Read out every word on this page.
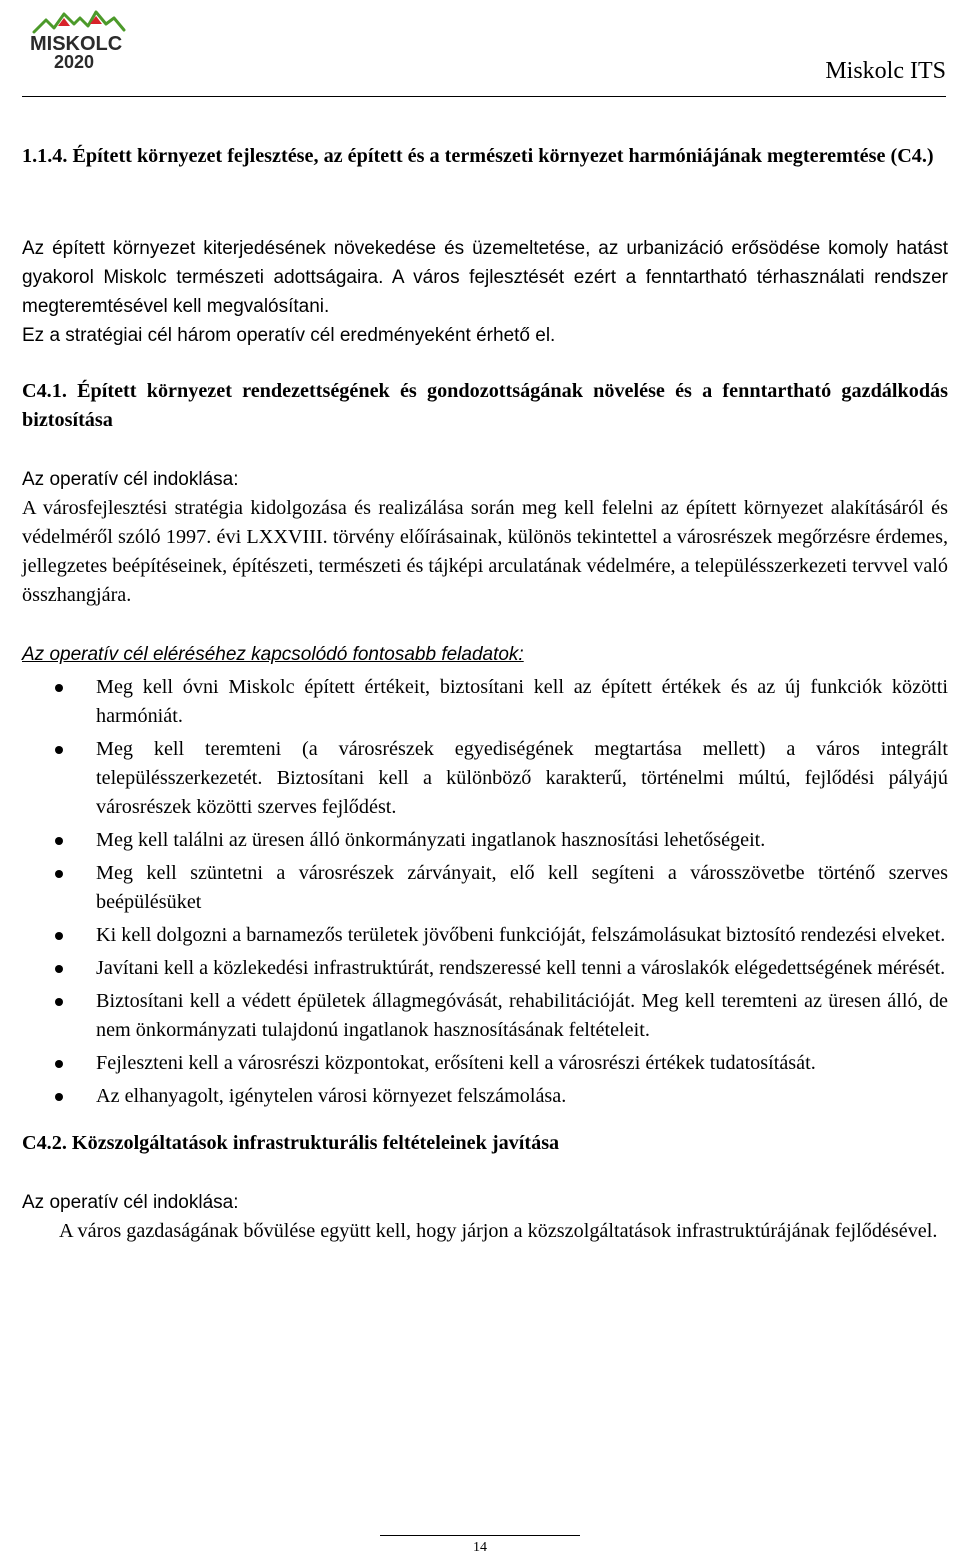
MISKOLC
2020	Miskolc ITS

1.1.4. Épített környezet fejlesztése, az épített és a természeti környezet harmóniájának megteremtése (C4.)

Az épített környezet kiterjedésének növekedése és üzemeltetése, az urbanizáció erősödése komoly hatást gyakorol Miskolc természeti adottságaira. A város fejlesztését ezért a fenntartható térhasználati rendszer megteremtésével kell megvalósítani.

Ez a stratégiai cél három operatív cél eredményeként érhető el.

C4.1. Épített környezet rendezettségének és gondozottságának növelése és a fenntartható gazdálkodás biztosítása

Az operatív cél indoklása:

A városfejlesztési stratégia kidolgozása és realizálása során meg kell felelni az épített környezet alakításáról és védelméről szóló 1997. évi LXXVIII. törvény előírásainak, különös tekintettel a városrészek megőrzésre érdemes, jellegzetes beépítéseinek, építészeti, természeti és tájképi arculatának védelmére, a településszerkezeti tervvel való összhangjára.

Az operatív cél eléréséhez kapcsolódó fontosabb feladatok:

Meg kell óvni Miskolc épített értékeit, biztosítani kell az épített értékek és az új funkciók közötti harmóniát.
Meg kell teremteni (a városrészek egyediségének megtartása mellett) a város integrált településszerkezetét. Biztosítani kell a különböző karakterű, történelmi múltú, fejlődési pályájú városrészek közötti szerves fejlődést.
Meg kell találni az üresen álló önkormányzati ingatlanok hasznosítási lehetőségeit.
Meg kell szüntetni a városrészek zárványait, elő kell segíteni a városszövetbe történő szerves beépülésüket
Ki kell dolgozni a barnamezős területek jövőbeni funkcióját, felszámolásukat biztosító rendezési elveket.
Javítani kell a közlekedési infrastruktúrát, rendszeressé kell tenni a városlakók elégedettségének mérését.
Biztosítani kell a védett épületek állagmegóvását, rehabilitációját. Meg kell teremteni az üresen álló, de nem önkormányzati tulajdonú ingatlanok hasznosításának feltételeit.
Fejleszteni kell a városrészi központokat, erősíteni kell a városrészi értékek tudatosítását.
Az elhanyagolt, igénytelen városi környezet felszámolása.

C4.2. Közszolgáltatások infrastrukturális feltételeinek javítása

Az operatív cél indoklása:

A város gazdaságának bővülése együtt kell, hogy járjon a közszolgáltatások infrastruktúrájának fejlődésével.

14
